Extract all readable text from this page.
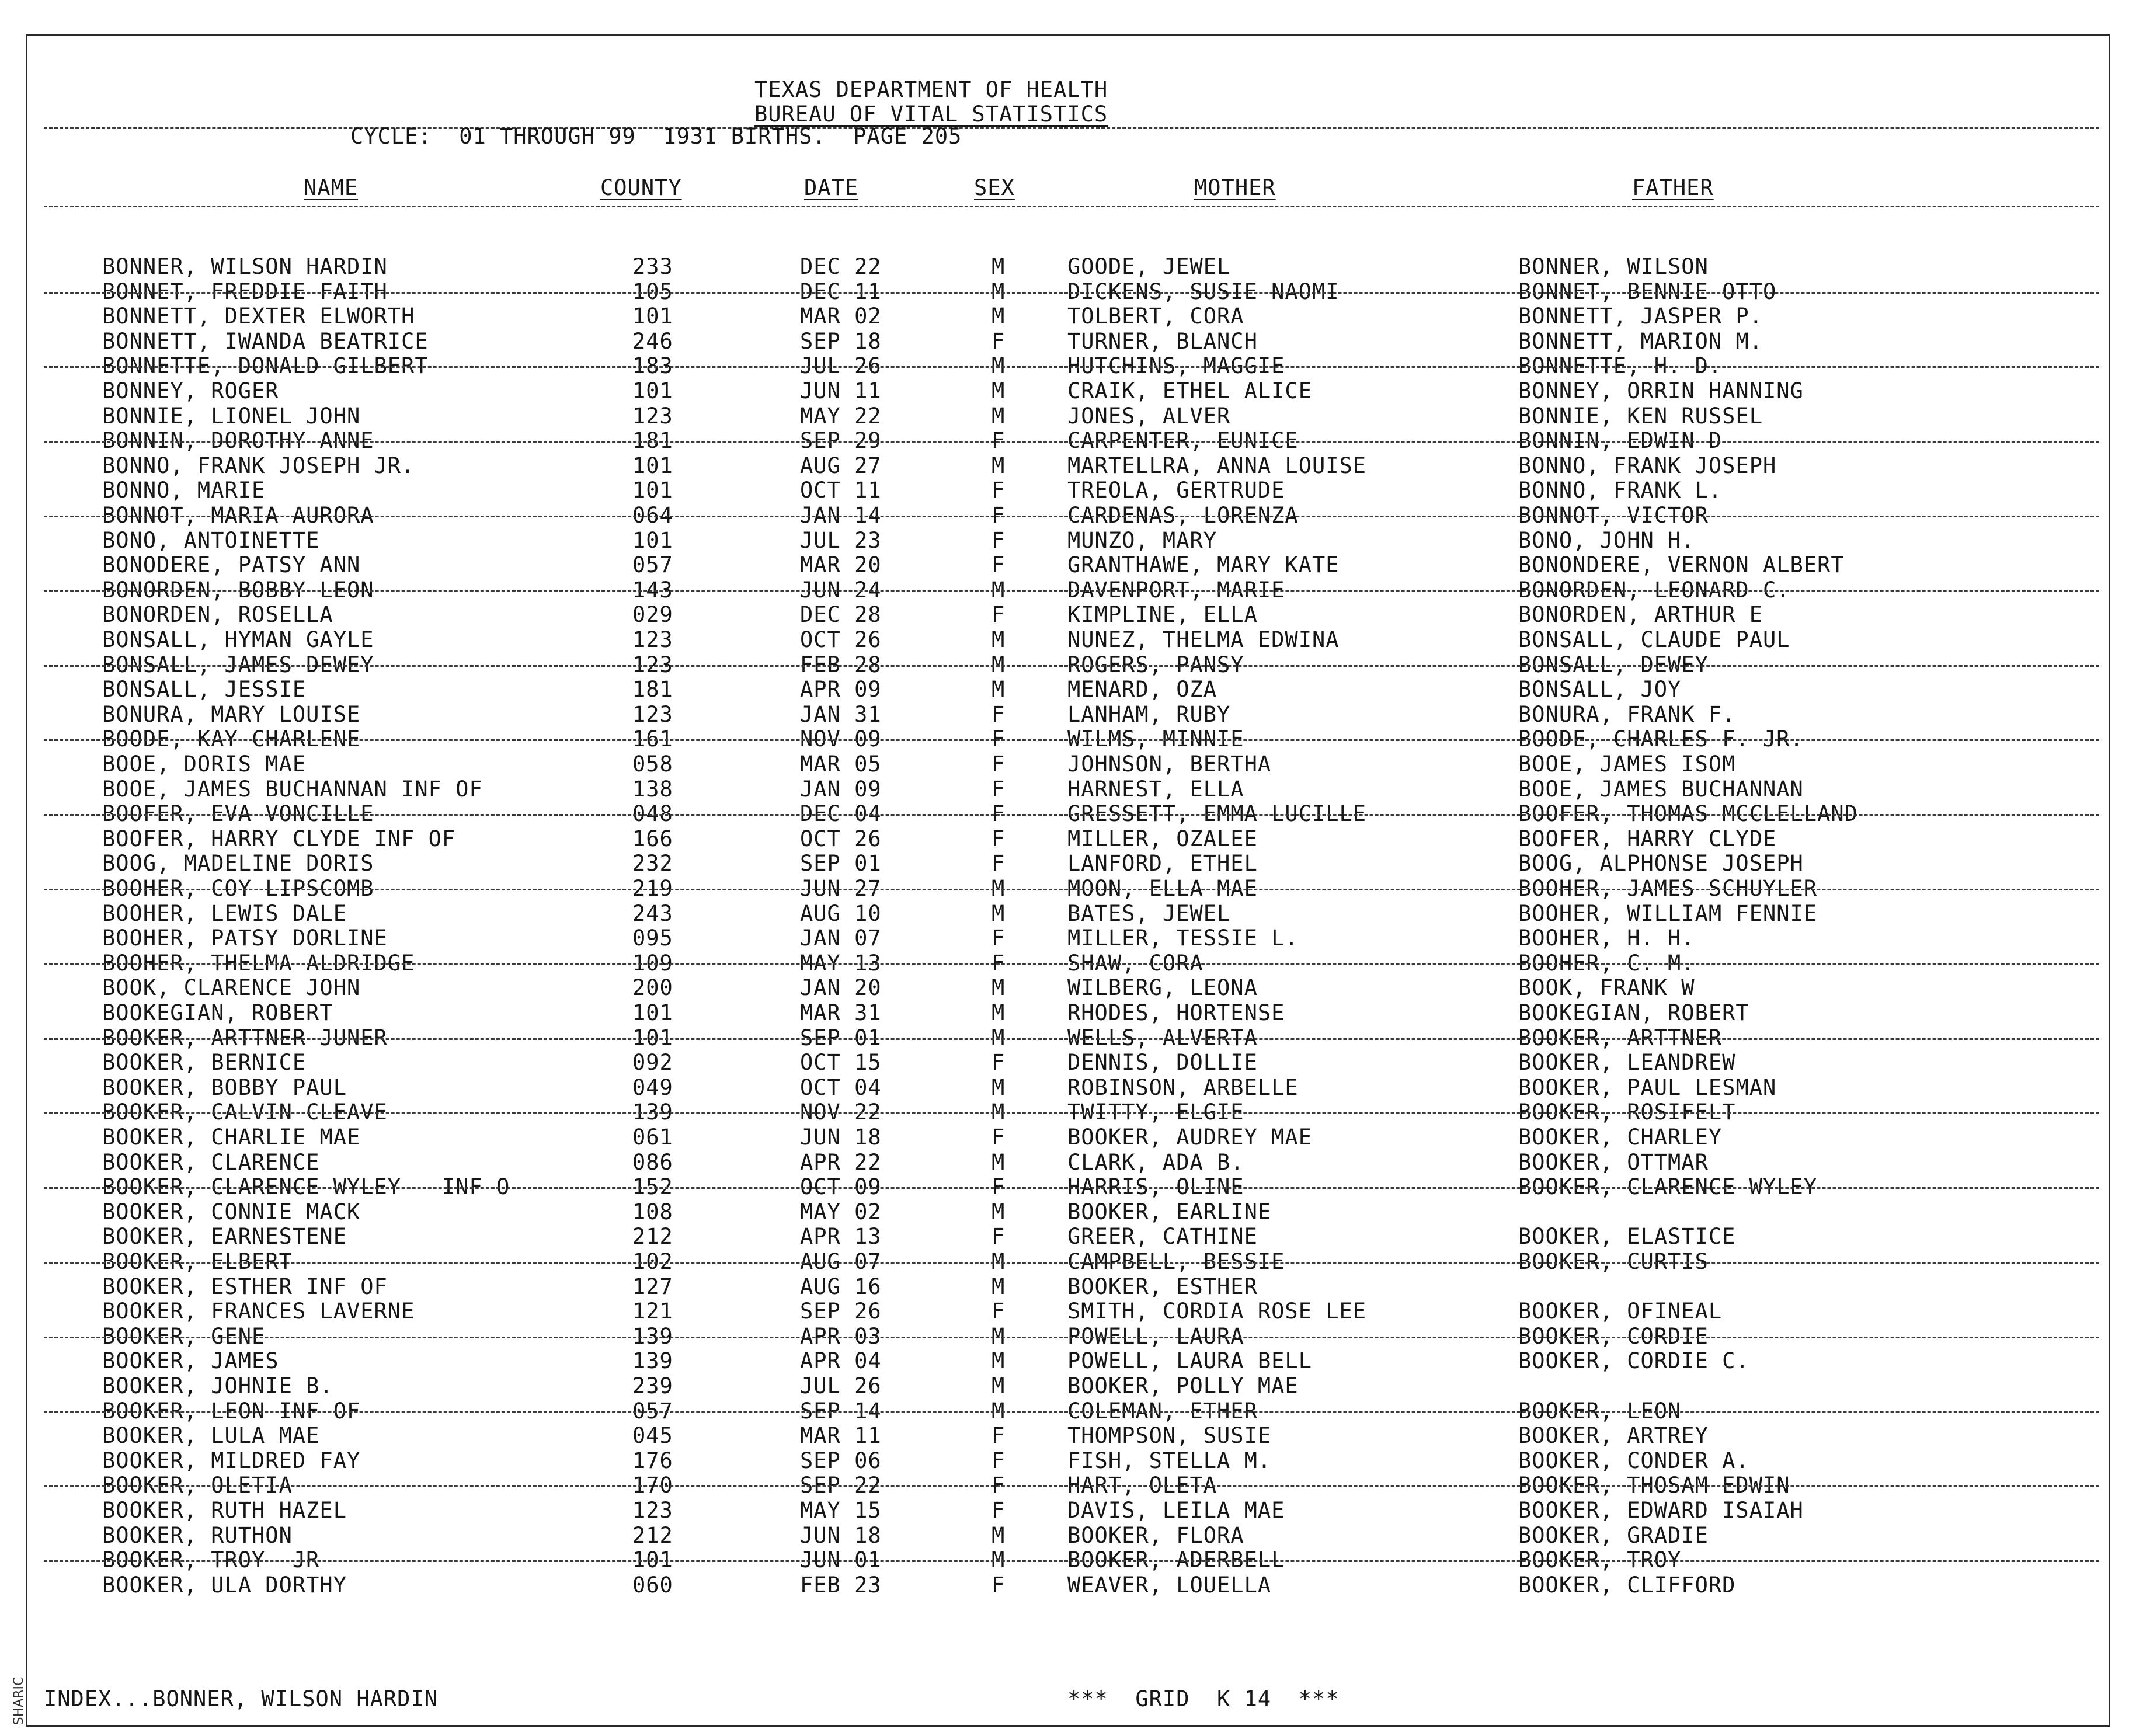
SHARIC
TEXAS DEPARTMENT OF HEALTH
BUREAU OF VITAL STATISTICS
CYCLE:  01 THROUGH 99  1931 BIRTHS.  PAGE 205
NAME	COUNTY	DATE	SEX	MOTHER	FATHER
BONNER, WILSON HARDIN	233	DEC 22	M	GOODE, JEWEL	BONNER, WILSON
BONNET, FREDDIE FAITH	105	DEC 11	M	DICKENS, SUSIE NAOMI	BONNET, BENNIE OTTO
BONNETT, DEXTER ELWORTH	101	MAR 02	M	TOLBERT, CORA	BONNETT, JASPER P.
BONNETT, IWANDA BEATRICE	246	SEP 18	F	TURNER, BLANCH	BONNETT, MARION M.
BONNETTE, DONALD GILBERT	183	JUL 26	M	HUTCHINS, MAGGIE	BONNETTE, H. D.
BONNEY, ROGER	101	JUN 11	M	CRAIK, ETHEL ALICE	BONNEY, ORRIN HANNING
BONNIE, LIONEL JOHN	123	MAY 22	M	JONES, ALVER	BONNIE, KEN RUSSEL
BONNIN, DOROTHY ANNE	181	SEP 29	F	CARPENTER, EUNICE	BONNIN, EDWIN D
BONNO, FRANK JOSEPH JR.	101	AUG 27	M	MARTELLRA, ANNA LOUISE	BONNO, FRANK JOSEPH
BONNO, MARIE	101	OCT 11	F	TREOLA, GERTRUDE	BONNO, FRANK L.
BONNOT, MARIA AURORA	064	JAN 14	F	CARDENAS, LORENZA	BONNOT, VICTOR
BONO, ANTOINETTE	101	JUL 23	F	MUNZO, MARY	BONO, JOHN H.
BONODERE, PATSY ANN	057	MAR 20	F	GRANTHAWE, MARY KATE	BONONDERE, VERNON ALBERT
BONORDEN, BOBBY LEON	143	JUN 24	M	DAVENPORT, MARIE	BONORDEN, LEONARD C.
BONORDEN, ROSELLA	029	DEC 28	F	KIMPLINE, ELLA	BONORDEN, ARTHUR E
BONSALL, HYMAN GAYLE	123	OCT 26	M	NUNEZ, THELMA EDWINA	BONSALL, CLAUDE PAUL
BONSALL, JAMES DEWEY	123	FEB 28	M	ROGERS, PANSY	BONSALL, DEWEY
BONSALL, JESSIE	181	APR 09	M	MENARD, OZA	BONSALL, JOY
BONURA, MARY LOUISE	123	JAN 31	F	LANHAM, RUBY	BONURA, FRANK F.
BOODE, KAY CHARLENE	161	NOV 09	F	WILMS, MINNIE	BOODE, CHARLES F. JR.
BOOE, DORIS MAE	058	MAR 05	F	JOHNSON, BERTHA	BOOE, JAMES ISOM
BOOE, JAMES BUCHANNAN INF OF	138	JAN 09	F	HARNEST, ELLA	BOOE, JAMES BUCHANNAN
BOOFER, EVA VONCILLE	048	DEC 04	F	GRESSETT, EMMA LUCILLE	BOOFER, THOMAS MCCLELLAND
BOOFER, HARRY CLYDE INF OF	166	OCT 26	F	MILLER, OZALEE	BOOFER, HARRY CLYDE
BOOG, MADELINE DORIS	232	SEP 01	F	LANFORD, ETHEL	BOOG, ALPHONSE JOSEPH
BOOHER, COY LIPSCOMB	219	JUN 27	M	MOON, ELLA MAE	BOOHER, JAMES SCHUYLER
BOOHER, LEWIS DALE	243	AUG 10	M	BATES, JEWEL	BOOHER, WILLIAM FENNIE
BOOHER, PATSY DORLINE	095	JAN 07	F	MILLER, TESSIE L.	BOOHER, H. H.
BOOHER, THELMA ALDRIDGE	109	MAY 13	F	SHAW, CORA	BOOHER, C. M.
BOOK, CLARENCE JOHN	200	JAN 20	M	WILBERG, LEONA	BOOK, FRANK W
BOOKEGIAN, ROBERT	101	MAR 31	M	RHODES, HORTENSE	BOOKEGIAN, ROBERT
BOOKER, ARTTNER JUNER	101	SEP 01	M	WELLS, ALVERTA	BOOKER, ARTTNER
BOOKER, BERNICE	092	OCT 15	F	DENNIS, DOLLIE	BOOKER, LEANDREW
BOOKER, BOBBY PAUL	049	OCT 04	M	ROBINSON, ARBELLE	BOOKER, PAUL LESMAN
BOOKER, CALVIN CLEAVE	139	NOV 22	M	TWITTY, ELGIE	BOOKER, ROSIFELT
BOOKER, CHARLIE MAE	061	JUN 18	F	BOOKER, AUDREY MAE	BOOKER, CHARLEY
BOOKER, CLARENCE	086	APR 22	M	CLARK, ADA B.	BOOKER, OTTMAR
BOOKER, CLARENCE WYLEY   INF O	152	OCT 09	F	HARRIS, OLINE	BOOKER, CLARENCE WYLEY
BOOKER, CONNIE MACK	108	MAY 02	M	BOOKER, EARLINE
BOOKER, EARNESTENE	212	APR 13	F	GREER, CATHINE	BOOKER, ELASTICE
BOOKER, ELBERT	102	AUG 07	M	CAMPBELL, BESSIE	BOOKER, CURTIS
BOOKER, ESTHER INF OF	127	AUG 16	M	BOOKER, ESTHER
BOOKER, FRANCES LAVERNE	121	SEP 26	F	SMITH, CORDIA ROSE LEE	BOOKER, OFINEAL
BOOKER, GENE	139	APR 03	M	POWELL, LAURA	BOOKER, CORDIE
BOOKER, JAMES	139	APR 04	M	POWELL, LAURA BELL	BOOKER, CORDIE C.
BOOKER, JOHNIE B.	239	JUL 26	M	BOOKER, POLLY MAE
BOOKER, LEON INF OF	057	SEP 14	M	COLEMAN, ETHER	BOOKER, LEON
BOOKER, LULA MAE	045	MAR 11	F	THOMPSON, SUSIE	BOOKER, ARTREY
BOOKER, MILDRED FAY	176	SEP 06	F	FISH, STELLA M.	BOOKER, CONDER A.
BOOKER, OLETIA	170	SEP 22	F	HART, OLETA	BOOKER, THOSAM EDWIN
BOOKER, RUTH HAZEL	123	MAY 15	F	DAVIS, LEILA MAE	BOOKER, EDWARD ISAIAH
BOOKER, RUTHON	212	JUN 18	M	BOOKER, FLORA	BOOKER, GRADIE
BOOKER, TROY  JR	101	JUN 01	M	BOOKER, ADERBELL	BOOKER, TROY
BOOKER, ULA DORTHY	060	FEB 23	F	WEAVER, LOUELLA	BOOKER, CLIFFORD
INDEX...BONNER, WILSON HARDIN	***  GRID  K 14  ***
